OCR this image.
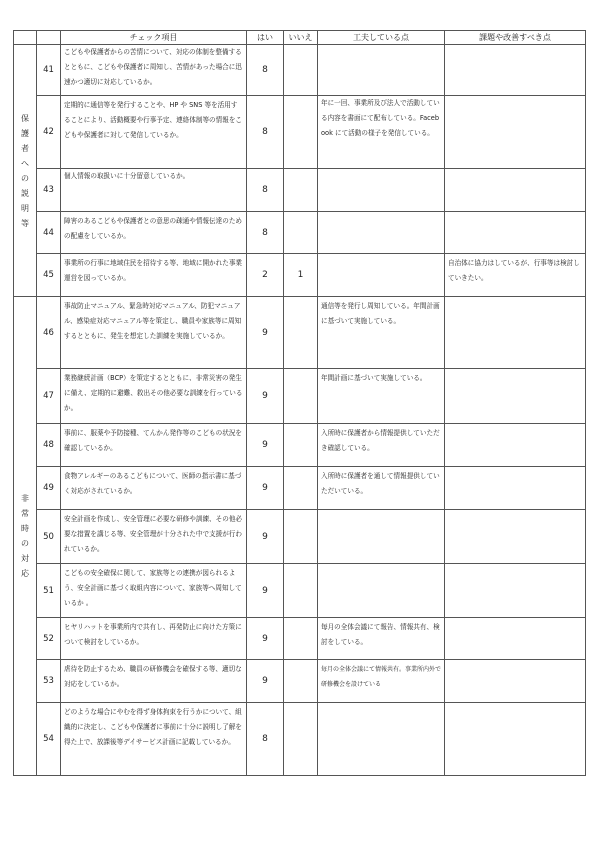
		チェック項目	はい	いいえ	工夫している点	課題や改善すべき点
保護者への説明等	41	こどもや保護者からの苦情について、対応の体制を整備するとともに、こどもや保護者に周知し、苦情があった場合に迅速かつ適切に対応しているか。	8			
	42	定期的に通信等を発行することや、HP や SNS 等を活用することにより、活動概要や行事予定、連絡体制等の情報をこどもや保護者に対して発信しているか。	8		年に一回、事業所及び法人で活動している内容を書面にて配布している。Facebook にて活動の様子を発信している。	
	43	個人情報の取扱いに十分留意しているか。	8			
	44	障害のあるこどもや保護者との意思の疎通や情報伝達のための配慮をしているか。	8			
	45	事業所の行事に地域住民を招待する等、地域に開かれた事業運営を図っているか。	2	1		自治体に協力はしているが、行事等は検討していきたい。
非常時の対応	46	事故防止マニュアル、緊急時対応マニュアル、防犯マニュアル、感染症対応マニュアル等を策定し、職員や家族等に周知するとともに、発生を想定した訓練を実施しているか。	9		通信等を発行し周知している。年間計画に基づいて実施している。	
	47	業務継続計画（BCP）を策定するとともに、非常災害の発生に備え、定期的に避難、救出その他必要な訓練を行っているか。	9		年間計画に基づいて実施している。	
	48	事前に、服薬や予防接種、てんかん発作等のこどもの状況を確認しているか。	9		入所時に保護者から情報提供していただき確認している。	
	49	食物アレルギーのあるこどもについて、医師の指示書に基づく対応がされているか。	9		入所時に保護者を通して情報提供していただいている。	
	50	安全計画を作成し、安全管理に必要な研修や訓練、その他必要な措置を講じる等、安全管理が十分された中で支援が行われているか。	9			
	51	こどもの安全確保に関して、家族等との連携が図られるよう、安全計画に基づく取組内容について、家族等へ周知しているか 。	9			
	52	ヒヤリハットを事業所内で共有し、再発防止に向けた方策について検討をしているか。	9		毎月の全体会議にて報告、情報共有、検討をしている。	
	53	虐待を防止するため、職員の研修機会を確保する等、適切な対応をしているか。	9		毎月の全体会議にて情報共有。事業所内外で研修機会を設けている	
	54	どのような場合にやむを得ず身体拘束を行うかについて、組織的に決定し、こどもや保護者に事前に十分に説明し了解を得た上で、放課後等デイサービス計画に記載しているか。	8			
